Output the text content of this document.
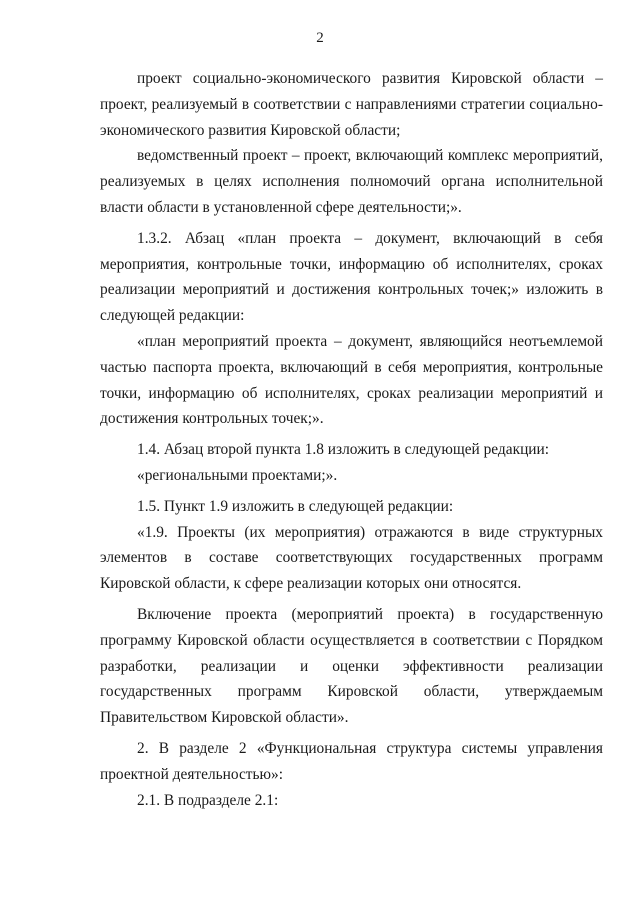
2

проект социально-экономического развития Кировской области – проект, реализуемый в соответствии с направлениями стратегии социально-экономического развития Кировской области;

ведомственный проект – проект, включающий комплекс мероприятий, реализуемых в целях исполнения полномочий органа исполнительной власти области в установленной сфере деятельности;».

1.3.2. Абзац «план проекта – документ, включающий в себя мероприятия, контрольные точки, информацию об исполнителях, сроках реализации мероприятий и достижения контрольных точек;» изложить в следующей редакции:

«план мероприятий проекта – документ, являющийся неотъемлемой частью паспорта проекта, включающий в себя мероприятия, контрольные точки, информацию об исполнителях, сроках реализации мероприятий и достижения контрольных точек;».

1.4. Абзац второй пункта 1.8 изложить в следующей редакции:

«региональными проектами;».

1.5. Пункт 1.9 изложить в следующей редакции:

«1.9. Проекты (их мероприятия) отражаются в виде структурных элементов в составе соответствующих государственных программ Кировской области, к сфере реализации которых они относятся.

Включение проекта (мероприятий проекта) в государственную программу Кировской области осуществляется в соответствии с Порядком разработки, реализации и оценки эффективности реализации государственных программ Кировской области, утверждаемым Правительством Кировской области».

2. В разделе 2 «Функциональная структура системы управления проектной деятельностью»:

2.1. В подразделе 2.1:
